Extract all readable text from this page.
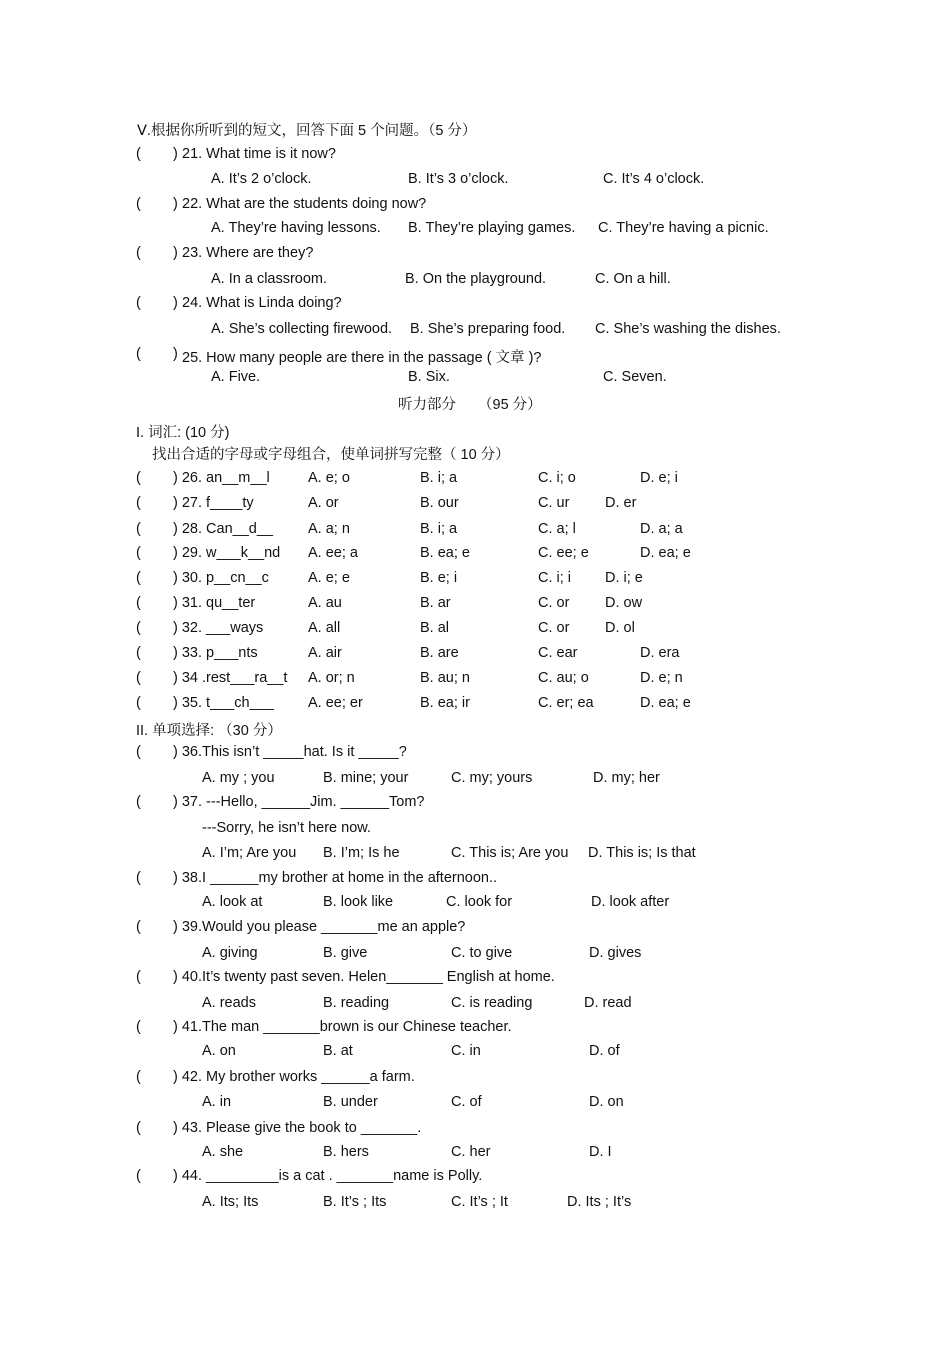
Ⅴ.根据你所听到的短文，回答下面 5 个问题。（5 分）
( ) 21. What time is it now?
A. It’s 2 o’clock.	B. It’s 3 o’clock.	C. It’s 4 o’clock.
( ) 22. What are the students doing now?
A. They’re having lessons. B. They’re playing games. C. They’re having a picnic.
( ) 23. Where are they?
A. In a classroom.	B. On the playground.	C. On a hill.
( ) 24. What is Linda doing?
A. She’s collecting firewood. B. She’s preparing food. C. She’s washing the dishes.
( ) 25. How many people are there in the passage ( 文章 )?
A. Five.	B. Six.	C. Seven.
听力部分 （95 分）
I. 词汇: (10 分)
找出合适的字母或字母组合，使单词拼写完整（ 10 分）
( ) 26. an__m__l	A. e; o	B. i; a	C. i; o	D. e; i
( ) 27. f____ty	A. or	B. our	C. ur D. er
( ) 28. Can__d__ A. a; n	B. i; a	C. a; l	D. a; a
( ) 29. w___k__nd A. ee; a	B. ea; e	C. ee; e	D. ea; e
( ) 30. p__cn__c	A. e; e	B. e; i	C. i; i D. i; e
( ) 31. qu__ter	A. au	B. ar	C. or D. ow
( ) 32. ___ways	A. all	B. al	C. or D. ol
( ) 33. p___nts	A. air	B. are	C. ear	D. era
( ) 34 .rest___ra__t A. or; n	B. au; n	C. au; o	D. e; n
( ) 35. t___ch___ A. ee; er	B. ea; ir	C. er; ea	D. ea; e
II. 单项选择: （30 分）
( ) 36.This isn’t _____hat. Is it _____?
A. my ; you	B. mine; your	C. my; yours	D. my; her
( ) 37. ---Hello, ______Jim. ______Tom?
---Sorry, he isn’t here now.
A. I’m; Are you B. I’m; Is he	C. This is; Are you D. This is; Is that
( ) 38.I ______my brother at home in the afternoon..
A. look at	B. look like	C. look for	D. look after
( ) 39.Would you please _______me an apple?
A. giving	B. give	C. to give	D. gives
( ) 40.It’s twenty past seven. Helen_______ English at home.
A. reads	B. reading	C. is reading	D. read
( ) 41.The man _______brown is our Chinese teacher.
A. on	B. at	C. in	D. of
( ) 42. My brother works ______a farm.
A. in	B. under	C. of	D. on
( ) 43. Please give the book to _______.
A. she	B. hers	C. her	D. I
( ) 44. _________is a cat . _______name is Polly.
A. Its; Its	B. It’s ; Its	C. It’s ; It	D. Its ; It’s
